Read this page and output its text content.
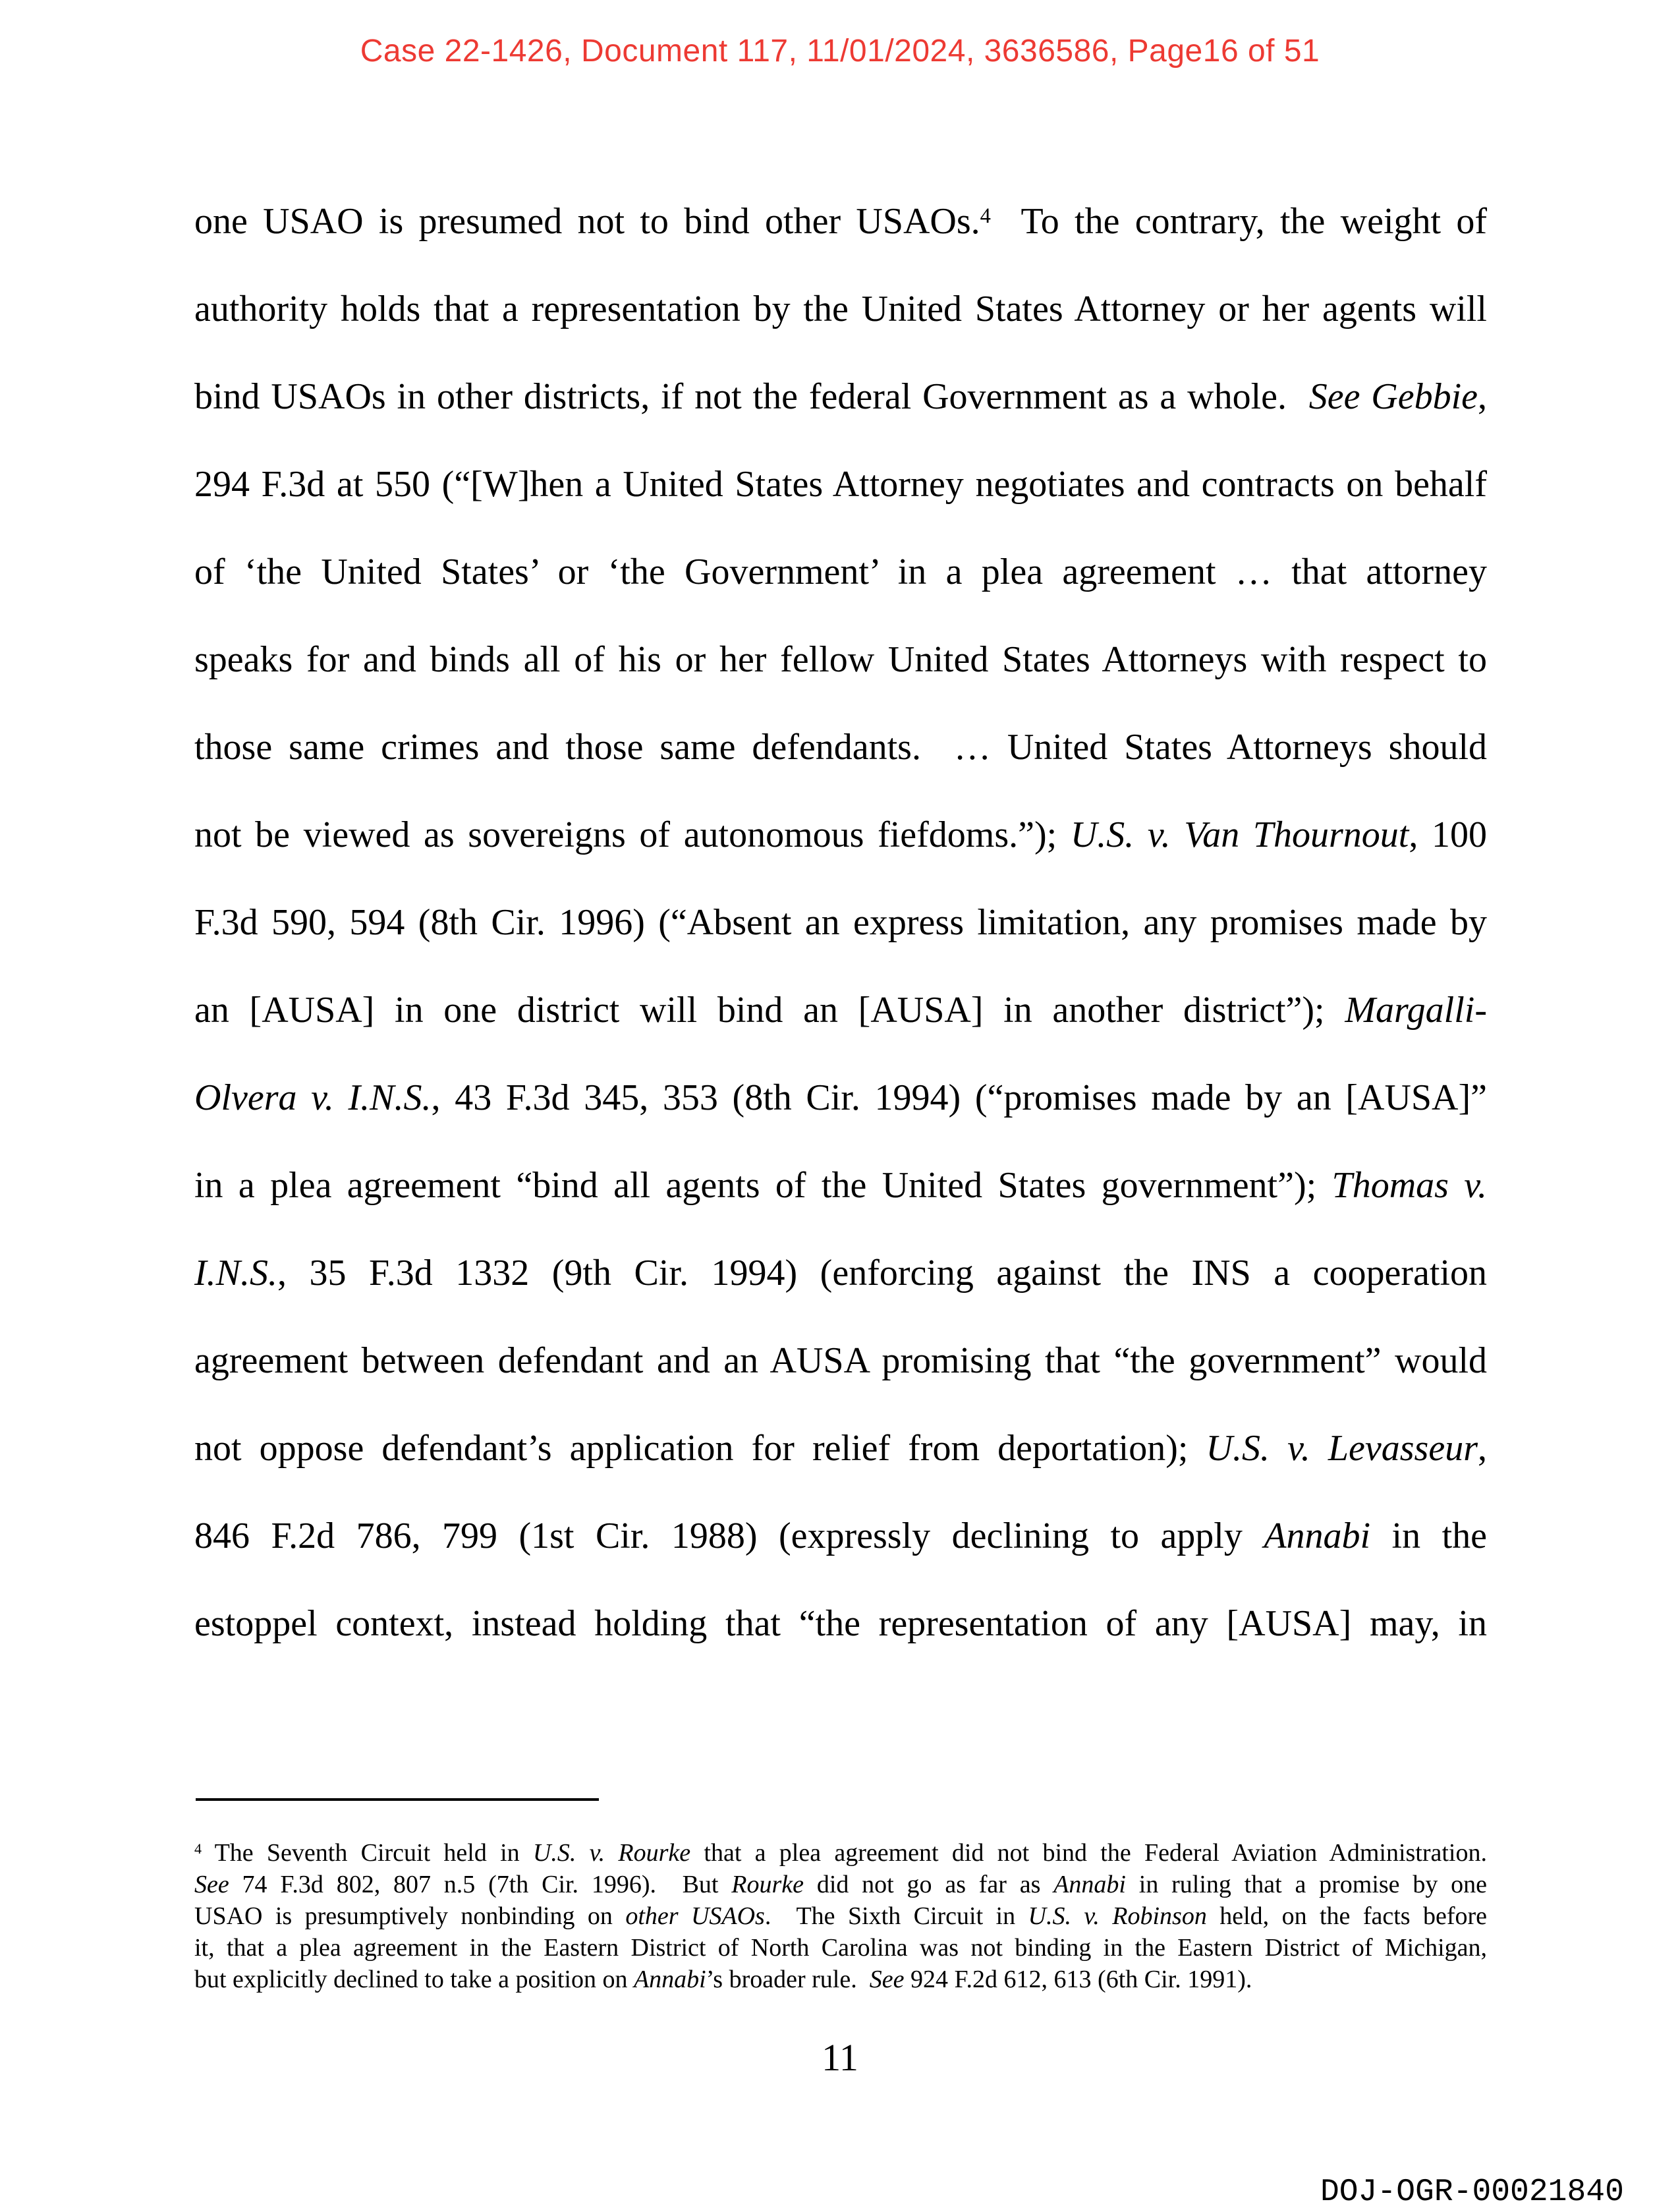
Case 22-1426, Document 117, 11/01/2024, 3636586, Page16 of 51
one USAO is presumed not to bind other USAOs.$^4$  To the contrary, the weight of
authority holds that a representation by the United States Attorney or her agents will
bind USAOs in other districts, if not the federal Government as a whole.  See Gebbie,
294 F.3d at 550 (“[W]hen a United States Attorney negotiates and contracts on behalf
of ‘the United States’ or ‘the Government’ in a plea agreement … that attorney
speaks for and binds all of his or her fellow United States Attorneys with respect to
those same crimes and those same defendants.  … United States Attorneys should
not be viewed as sovereigns of autonomous fiefdoms.”); U.S. v. Van Thournout, 100
F.3d 590, 594 (8th Cir. 1996) (“Absent an express limitation, any promises made by
an [AUSA] in one district will bind an [AUSA] in another district”); Margalli-
Olvera v. I.N.S., 43 F.3d 345, 353 (8th Cir. 1994) (“promises made by an [AUSA]”
in a plea agreement “bind all agents of the United States government”); Thomas v.
I.N.S., 35 F.3d 1332 (9th Cir. 1994) (enforcing against the INS a cooperation
agreement between defendant and an AUSA promising that “the government” would
not oppose defendant’s application for relief from deportation); U.S. v. Levasseur,
846 F.2d 786, 799 (1st Cir. 1988) (expressly declining to apply Annabi in the
estoppel context, instead holding that “the representation of any [AUSA] may, in
$^4$ The Seventh Circuit held in U.S. v. Rourke that a plea agreement did not bind the Federal Aviation Administration.
See 74 F.3d 802, 807 n.5 (7th Cir. 1996).  But Rourke did not go as far as Annabi in ruling that a promise by one
USAO is presumptively nonbinding on other USAOs.  The Sixth Circuit in U.S. v. Robinson held, on the facts before
it, that a plea agreement in the Eastern District of North Carolina was not binding in the Eastern District of Michigan,
but explicitly declined to take a position on Annabi’s broader rule.  See 924 F.2d 612, 613 (6th Cir. 1991).
11
DOJ-OGR-00021840
